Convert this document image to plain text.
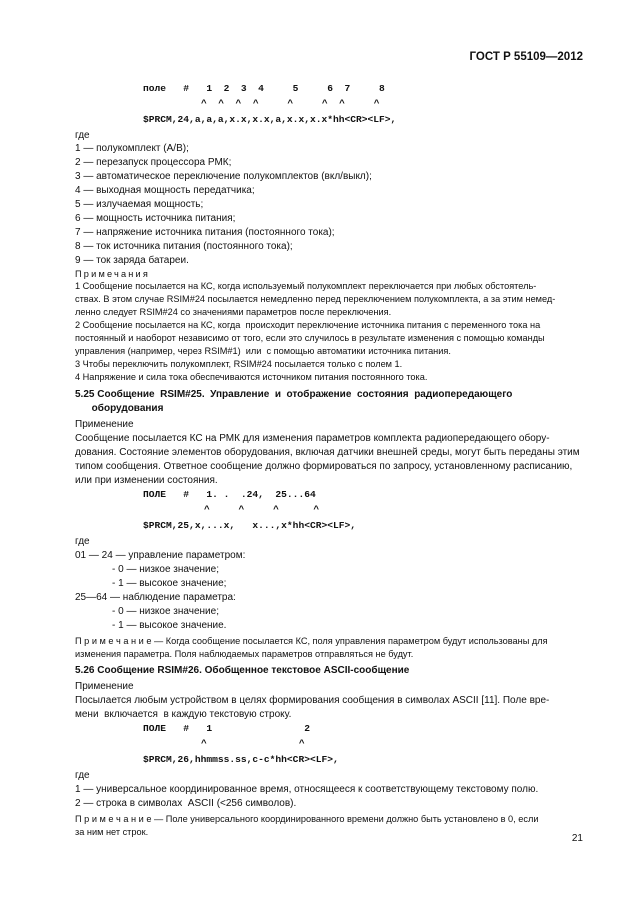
ГОСТ Р 55109—2012
поле   #   1  2  3  4     5     6  7     8
^  ^  ^  ^     ^     ^  ^     ^
$PRCM,24,a,a,a,x.x,x.x,a,x.x,x.x*hh<CR><LF>,
где
1 — полукомплект (А/В);
2 — перезапуск процессора РМК;
3 — автоматическое переключение полукомплектов (вкл/выкл);
4 — выходная мощность передатчика;
5 — излучаемая мощность;
6 — мощность источника питания;
7 — напряжение источника питания (постоянного тока);
8 — ток источника питания (постоянного тока);
9 — ток заряда батареи.
Примечания
1 Сообщение посылается на КС, когда используемый полукомплект переключается при любых обстоятель-
ствах. В этом случае RSIM#24 посылается немедленно перед переключением полукомплекта, а за этим немед-
ленно следует RSIM#24 со значениями параметров после переключения.
2 Сообщение посылается на КС, когда  происходит переключение источника питания с переменного тока на
постоянный и наоборот независимо от того, если это случилось в результате изменения с помощью команды
управления (например, через RSIM#1)  или  с помощью автоматики источника питания.
3 Чтобы переключить полукомплект, RSIM#24 посылается только с полем 1.
4 Напряжение и сила тока обеспечиваются источником питания постоянного тока.
5.25 Сообщение  RSIM#25.  Управление  и  отображение  состояния  радиопередающего
оборудования
Применение
Сообщение посылается КС на РМК для изменения параметров комплекта радиопередающего обору-
дования. Состояние элементов оборудования, включая датчики внешней среды, могут быть переданы этим
типом сообщения. Ответное сообщение должно формироваться по запросу, установленному расписанию,
или при изменении состояния.
ПОЛЕ   #   1. .  .24,  25...64
^     ^     ^      ^
$PRCM,25,x,...x,   x...,x*hh<CR><LF>,
где
01 — 24 — управление параметром:
- 0 — низкое значение;
- 1 — высокое значение;
25—64 — наблюдение параметра:
- 0 — низкое значение;
- 1 — высокое значение.
П р и м е ч а н и е — Когда сообщение посылается КС, поля управления параметром будут использованы для
изменения параметра. Поля наблюдаемых параметров отправляться не будут.
5.26 Сообщение RSIM#26. Обобщенное текстовое ASCII-сообщение
Применение
Посылается любым устройством в целях формирования сообщения в символах ASCII [11]. Поле вре-
мени  включается  в каждую текстовую строку.
ПОЛЕ   #   1                2
^                ^
$PRCM,26,hhmmss.ss,c-c*hh<CR><LF>,
где
1 — универсальное координированное время, относящееся к соответствующему текстовому полю.
2 — строка в символах  ASCII (<256 символов).
П р и м е ч а н и е — Поле универсального координированного времени должно быть установлено в 0, если
за ним нет строк.
21
